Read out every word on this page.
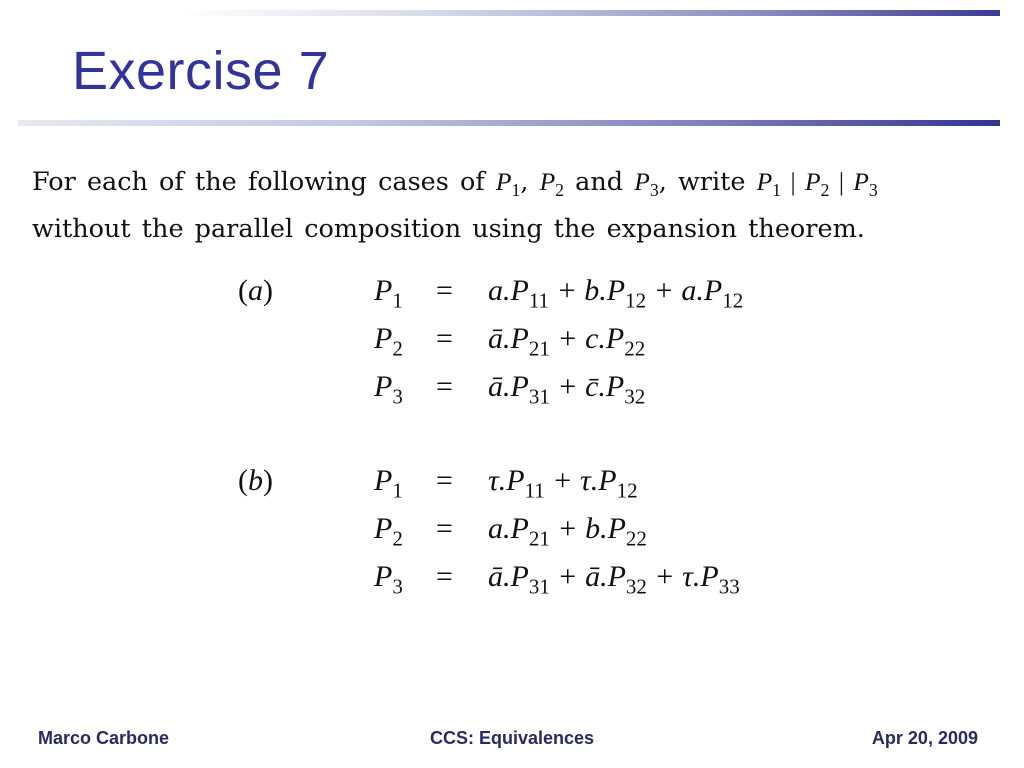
Exercise 7
For each of the following cases of $P_1$, $P_2$ and $P_3$, write $P_1$ | $P_2$ | $P_3$
without the parallel composition using the expansion theorem.
(a)	$P_1 = a.P_{11} + b.P_{12} + a.P_{12}$
$P_2$ = $ā.P_{21} + c.P_{22}$
$P_3$ = $ā.P_{31}$ + $c̄.P_{32}$
(b)	$P_1 = \tau.P_{11} + \tau.P_{12}$
$P_2 = a.P_{21} + b.P_{22}$
$P_3$ = $ā.P_{31}$ + $ā.P_{32} + \tau.P_{33}$
Marco Carbone	CCS: Equivalences	Apr 20, 2009
